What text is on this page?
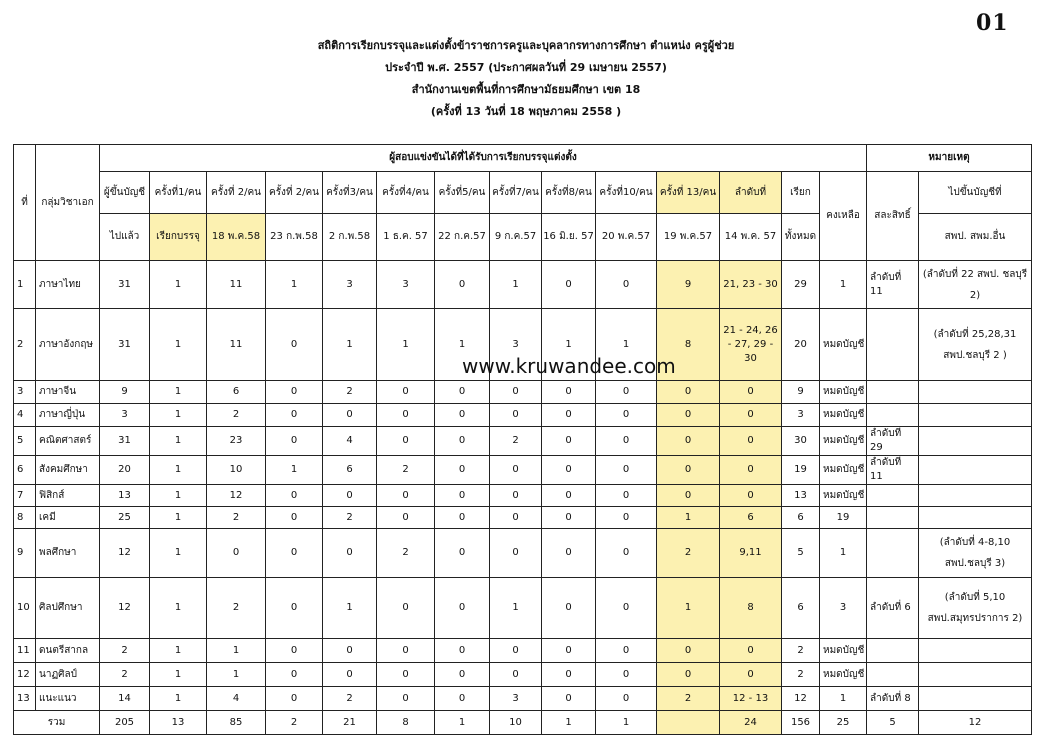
01
สถิติการเรียกบรรจุและแต่งตั้งข้าราชการครูและบุคลากรทางการศึกษา ตำแหน่ง ครูผู้ช่วย
ประจำปี พ.ศ. 2557 (ประกาศผลวันที่ 29 เมษายน 2557)
สำนักงานเขตพื้นที่การศึกษามัธยมศึกษา เขต 18
(ครั้งที่ 13 วันที่ 18 พฤษภาคม 2558 )
ที่	กลุ่มวิชาเอก	ผู้สอบแข่งขันได้ที่ได้รับการเรียกบรรจุแต่งตั้ง														หมายเหตุ	
		ผู้ขึ้นบัญชี	ครั้งที่1/คน	ครั้งที่ 2/คน	ครั้งที่ 2/คน	ครั้งที่3/คน	ครั้งที่4/คน	ครั้งที่5/คน	ครั้งที่7/คน	ครั้งที่8/คน	ครั้งที่10/คน	ครั้งที่ 13/คน	ลำดับที่	เรียก	คงเหลือ	สละสิทธิ์	ไปขึ้นบัญชีที่
		ไปแล้ว	เรียกบรรจุ	18 พ.ค.58	23 ก.พ.58	2 ก.พ.58	1 ธ.ค. 57	22 ก.ค.57	9 ก.ค.57	16 มิ.ย. 57	20 พ.ค.57	19 พ.ค.57	14 พ.ค. 57	ทั้งหมด			สพป. สพม.อื่น
1	ภาษาไทย	31	1	11	1	3	3	0	1	0	0	9	21, 23 - 30	29	1	ลำดับที่ 11	(ลำดับที่ 22 สพป. ชลบุรี 2)
2	ภาษาอังกฤษ	31	1	11	0	1	1	1	3	1	1	8	21 - 24, 26 - 27, 29 - 30	20	หมดบัญชี		(ลำดับที่ 25,28,31 สพป.ชลบุรี 2 )
3	ภาษาจีน	9	1	6	0	2	0	0	0	0	0	0	0	9	หมดบัญชี		
4	ภาษาญี่ปุ่น	3	1	2	0	0	0	0	0	0	0	0	0	3	หมดบัญชี		
5	คณิตศาสตร์	31	1	23	0	4	0	0	2	0	0	0	0	30	หมดบัญชี	ลำดับที่ 29	
6	สังคมศึกษา	20	1	10	1	6	2	0	0	0	0	0	0	19	หมดบัญชี	ลำดับที่ 11	
7	ฟิสิกส์	13	1	12	0	0	0	0	0	0	0	0	0	13	หมดบัญชี		
8	เคมี	25	1	2	0	2	0	0	0	0	0	1	6	6	19		
9	พลศึกษา	12	1	0	0	0	2	0	0	0	0	2	9,11	5	1		(ลำดับที่ 4-8,10 สพป.ชลบุรี 3)
10	ศิลปศึกษา	12	1	2	0	1	0	0	1	0	0	1	8	6	3	ลำดับที่ 6	(ลำดับที่ 5,10 สพป.สมุทรปราการ 2)
11	ดนตรีสากล	2	1	1	0	0	0	0	0	0	0	0	0	2	หมดบัญชี		
12	นาฏศิลป์	2	1	1	0	0	0	0	0	0	0	0	0	2	หมดบัญชี		
13	แนะแนว	14	1	4	0	2	0	0	3	0	0	2	12 - 13	12	1	ลำดับที่ 8	
รวม		205	13	85	2	21	8	1	10	1	1		24	156	25	5	12
www.kruwandee.com
